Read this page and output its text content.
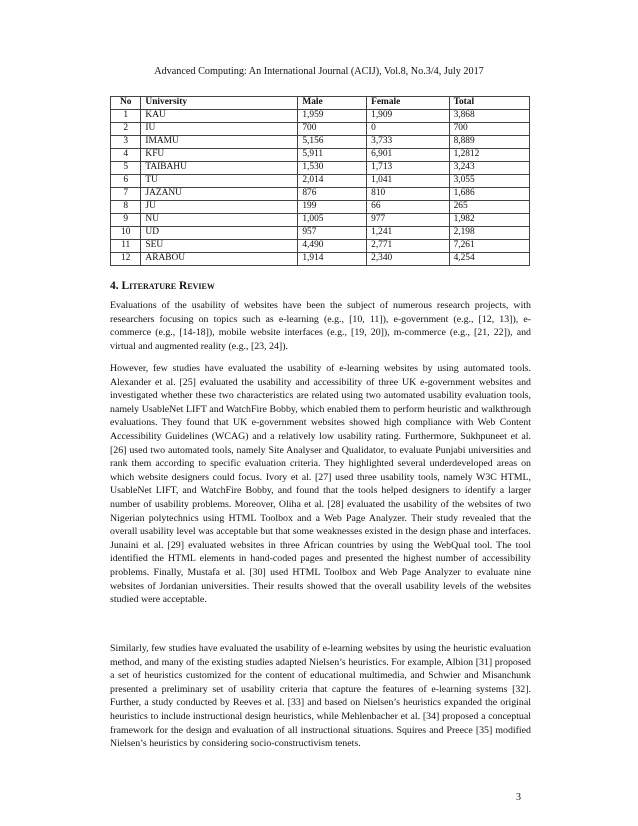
Advanced Computing: An International Journal (ACIJ), Vol.8, No.3/4, July 2017
No	University	Male	Female	Total
1	KAU	1,959	1,909	3,868
2	IU	700	0	700
3	IMAMU	5,156	3,733	8,889
4	KFU	5,911	6,901	1,2812
5	TAIBAHU	1,530	1,713	3,243
6	TU	2,014	1,041	3,055
7	JAZANU	876	810	1,686
8	JU	199	66	265
9	NU	1,005	977	1,982
10	UD	957	1,241	2,198
11	SEU	4,490	2,771	7,261
12	ARABOU	1,914	2,340	4,254
4. Literature Review

Evaluations of the usability of websites have been the subject of numerous research projects, with researchers focusing on topics such as e-learning (e.g., [10, 11]), e-government (e.g., [12, 13]), e-commerce (e.g., [14-18]), mobile website interfaces (e.g., [19, 20]), m-commerce (e.g., [21, 22]), and virtual and augmented reality (e.g., [23, 24]).

However, few studies have evaluated the usability of e-learning websites by using automated tools. Alexander et al. [25] evaluated the usability and accessibility of three UK e-government websites and investigated whether these two characteristics are related using two automated usability evaluation tools, namely UsableNet LIFT and WatchFire Bobby, which enabled them to perform heuristic and walkthrough evaluations. They found that UK e-government websites showed high compliance with Web Content Accessibility Guidelines (WCAG) and a relatively low usability rating. Furthermore, Sukhpuneet et al. [26] used two automated tools, namely Site Analyser and Qualidator, to evaluate Punjabi universities and rank them according to specific evaluation criteria. They highlighted several underdeveloped areas on which website designers could focus. Ivory et al. [27] used three usability tools, namely W3C HTML, UsableNet LIFT, and WatchFire Bobby, and found that the tools helped designers to identify a larger number of usability problems. Moreover, Oliha et al. [28] evaluated the usability of the websites of two Nigerian polytechnics using HTML Toolbox and a Web Page Analyzer. Their study revealed that the overall usability level was acceptable but that some weaknesses existed in the design phase and interfaces. Junaini et al. [29] evaluated websites in three African countries by using the WebQual tool. The tool identified the HTML elements in hand-coded pages and presented the highest number of accessibility problems. Finally, Mustafa et al. [30] used HTML Toolbox and Web Page Analyzer to evaluate nine websites of Jordanian universities. Their results showed that the overall usability levels of the websites studied were acceptable.

Similarly, few studies have evaluated the usability of e-learning websites by using the heuristic evaluation method, and many of the existing studies adapted Nielsen’s heuristics. For example, Albion [31] proposed a set of heuristics customized for the content of educational multimedia, and Schwier and Misanchunk presented a preliminary set of usability criteria that capture the features of e-learning systems [32]. Further, a study conducted by Reeves et al. [33] and based on Nielsen’s heuristics expanded the original heuristics to include instructional design heuristics, while Mehlenbacher et al. [34] proposed a conceptual framework for the design and evaluation of all instructional situations. Squires and Preece [35] modified Nielsen’s heuristics by considering socio-constructivism tenets.

3
